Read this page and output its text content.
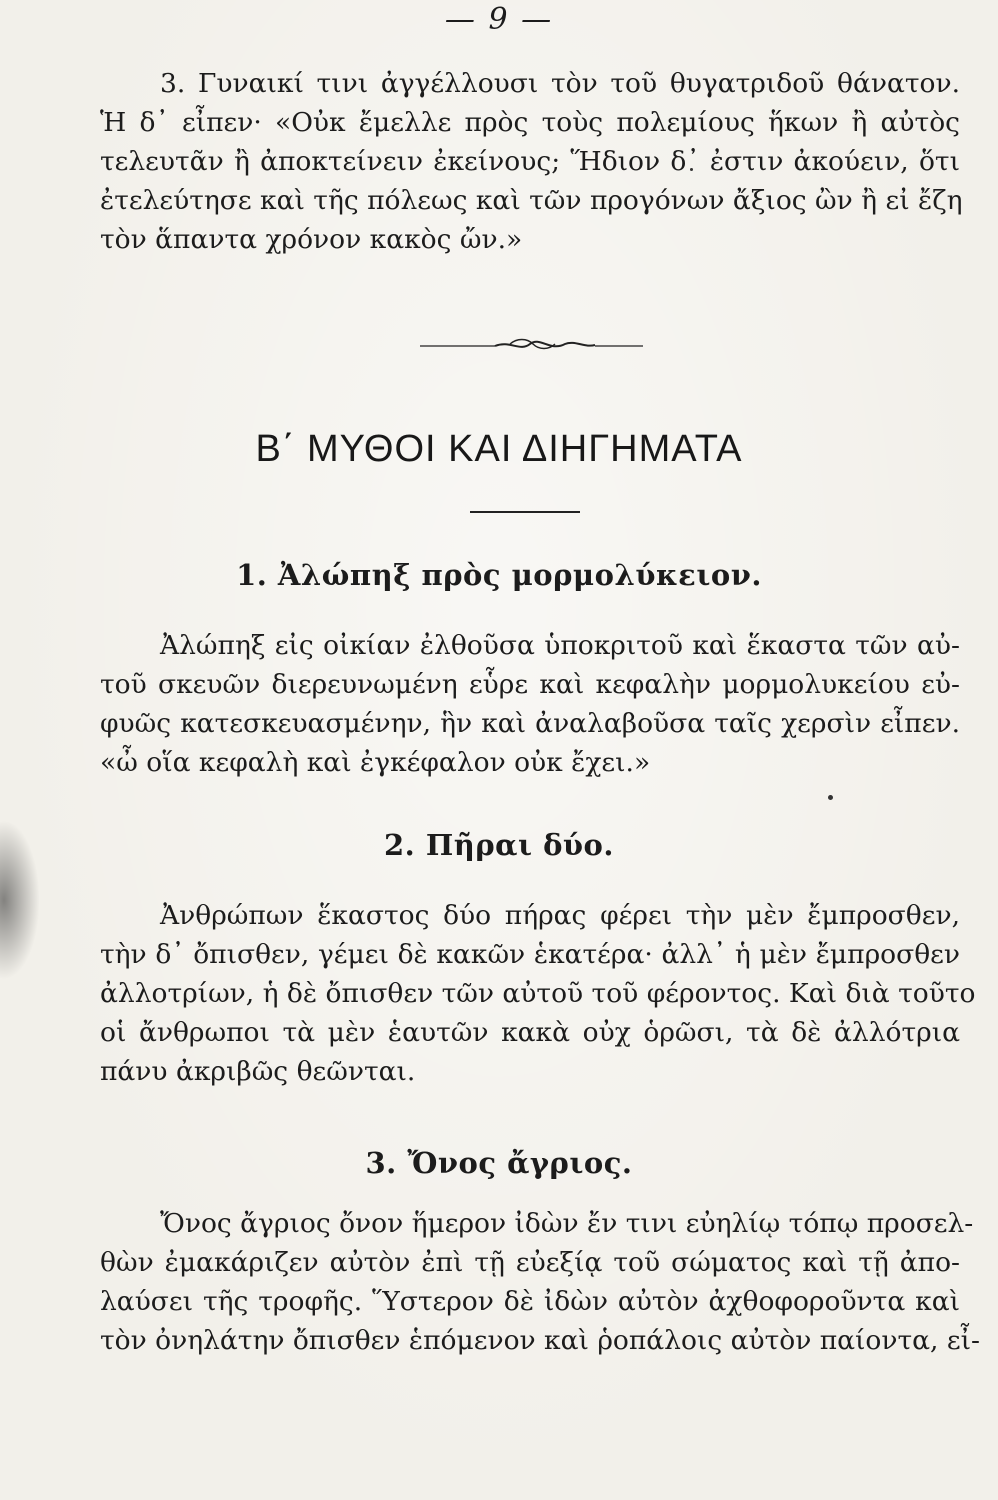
— 9 —
3. Γυναικί τινι ἀγγέλλουσι τὸν τοῦ θυγατριδοῦ θάνατον.
Ἡ δ᾿ εἶπεν· «Οὐκ ἔμελλε πρὸς τοὺς πολεμίους ἥκων ἢ αὐτὸς
τελευτᾶν ἢ ἀποκτείνειν ἐκείνους; Ἥδιον δ᾿ ἐστιν ἀκούειν, ὅτι
ἐτελεύτησε καὶ τῆς πόλεως καὶ τῶν προγόνων ἄξιος ὢν ἢ εἰ ἔζη
τὸν ἅπαντα χρόνον κακὸς ὤν.»
Β΄ ΜΥΘΟΙ ΚΑΙ ΔΙΗΓΗΜΑΤΑ
1. Ἀλώπηξ πρὸς μορμολύκειον.
Ἀλώπηξ εἰς οἰκίαν ἐλθοῦσα ὑποκριτοῦ καὶ ἕκαστα τῶν αὐ-
τοῦ σκευῶν διερευνωμένη εὗρε καὶ κεφαλὴν μορμολυκείου εὐ-
φυῶς κατεσκευασμένην, ἣν καὶ ἀναλαβοῦσα ταῖς χερσὶν εἶπεν.
«ὦ οἵα κεφαλὴ καὶ ἐγκέφαλον οὐκ ἔχει.»
2. Πῆραι δύο.
Ἀνθρώπων ἕκαστος δύο πήρας φέρει τὴν μὲν ἔμπροσθεν,
τὴν δ᾿ ὄπισθεν, γέμει δὲ κακῶν ἑκατέρα· ἀλλ᾿ ἡ μὲν ἔμπροσθεν
ἀλλοτρίων, ἡ δὲ ὄπισθεν τῶν αὐτοῦ τοῦ φέροντος. Καὶ διὰ τοῦτο
οἱ ἄνθρωποι τὰ μὲν ἑαυτῶν κακὰ οὐχ ὁρῶσι, τὰ δὲ ἀλλότρια
πάνυ ἀκριβῶς θεῶνται.
3. Ὄνος ἄγριος.
Ὄνος ἄγριος ὄνον ἥμερον ἰδὼν ἔν τινι εὐηλίῳ τόπῳ προσελ-
θὼν ἐμακάριζεν αὐτὸν ἐπὶ τῇ εὐεξίᾳ τοῦ σώματος καὶ τῇ ἀπο-
λαύσει τῆς τροφῆς. Ὕστερον δὲ ἰδὼν αὐτὸν ἀχθοφοροῦντα καὶ
τὸν ὀνηλάτην ὄπισθεν ἑπόμενον καὶ ῥοπάλοις αὐτὸν παίοντα, εἶ-
